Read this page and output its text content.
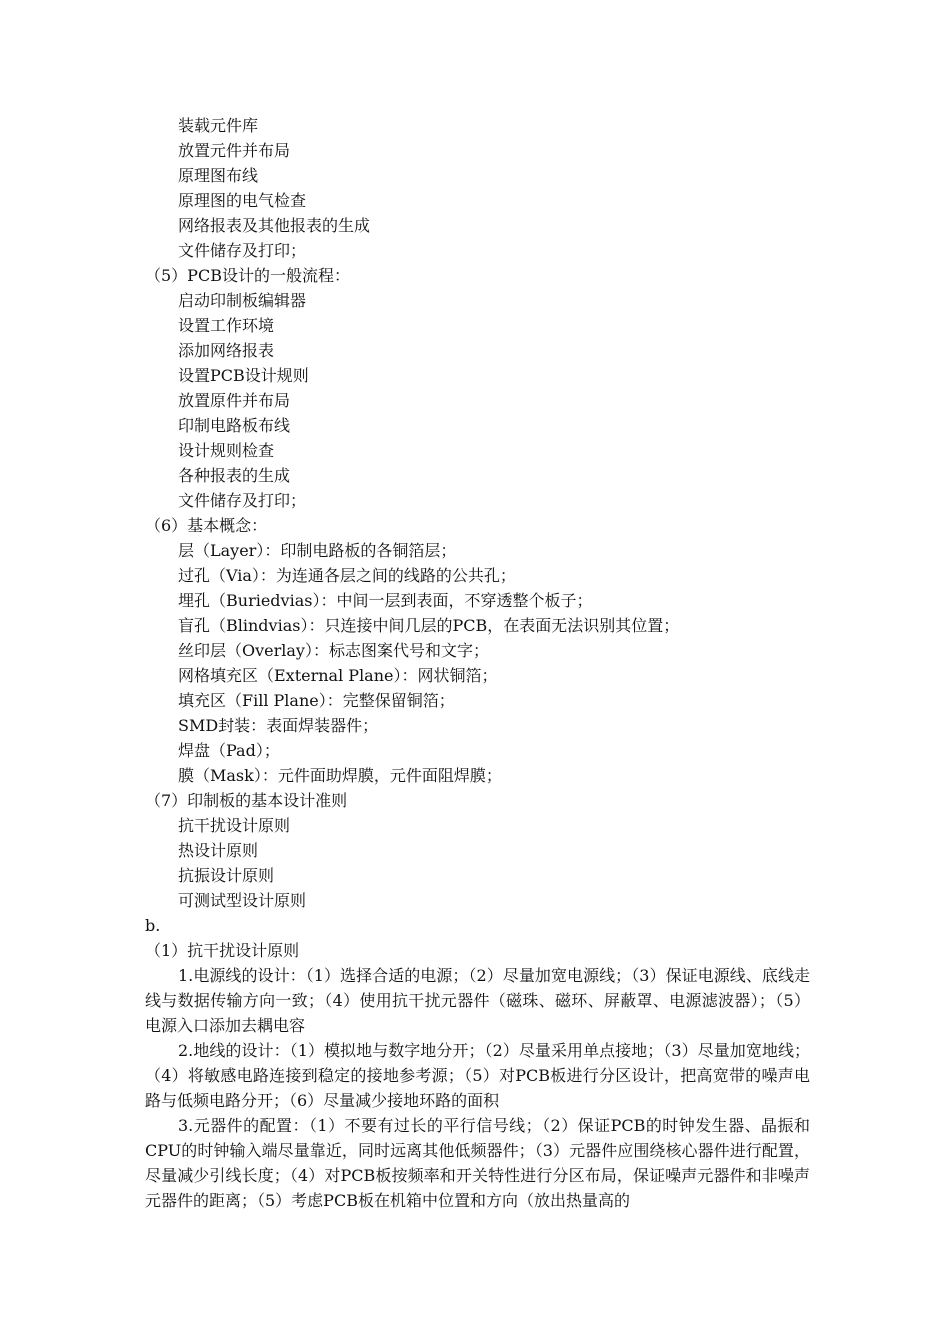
装载元件库
放置元件并布局
原理图布线
原理图的电气检查
网络报表及其他报表的生成
文件储存及打印；
（5）PCB设计的一般流程：
启动印制板编辑器
设置工作环境
添加网络报表
设置PCB设计规则
放置原件并布局
印制电路板布线
设计规则检查
各种报表的生成
文件储存及打印；
（6）基本概念：
层（Layer）：印制电路板的各铜箔层；
过孔（Via）：为连通各层之间的线路的公共孔；
埋孔（Buriedvias）：中间一层到表面，不穿透整个板子；
盲孔（Blindvias）：只连接中间几层的PCB，在表面无法识别其位置；
丝印层（Overlay）：标志图案代号和文字；
网格填充区（External Plane）：网状铜箔；
填充区（Fill Plane）：完整保留铜箔；
SMD封装：表面焊装器件；
焊盘（Pad）；
膜（Mask）：元件面助焊膜，元件面阻焊膜；
（7）印制板的基本设计准则
抗干扰设计原则
热设计原则
抗振设计原则
可测试型设计原则
b.
（1）抗干扰设计原则
1.电源线的设计：（1）选择合适的电源；（2）尽量加宽电源线；（3）保证电源线、底线走线与数据传输方向一致；（4）使用抗干扰元器件（磁珠、磁环、屏蔽罩、电源滤波器）；（5）电源入口添加去耦电容
2.地线的设计：（1）模拟地与数字地分开；（2）尽量采用单点接地；（3）尽量加宽地线；（4）将敏感电路连接到稳定的接地参考源；（5）对PCB板进行分区设计，把高宽带的噪声电路与低频电路分开；（6）尽量减少接地环路的面积
3.元器件的配置：（1）不要有过长的平行信号线；（2）保证PCB的时钟发生器、晶振和CPU的时钟输入端尽量靠近，同时远离其他低频器件；（3）元器件应围绕核心器件进行配置，尽量减少引线长度；（4）对PCB板按频率和开关特性进行分区布局，保证噪声元器件和非噪声元器件的距离；（5）考虑PCB板在机箱中位置和方向（放出热量高的
